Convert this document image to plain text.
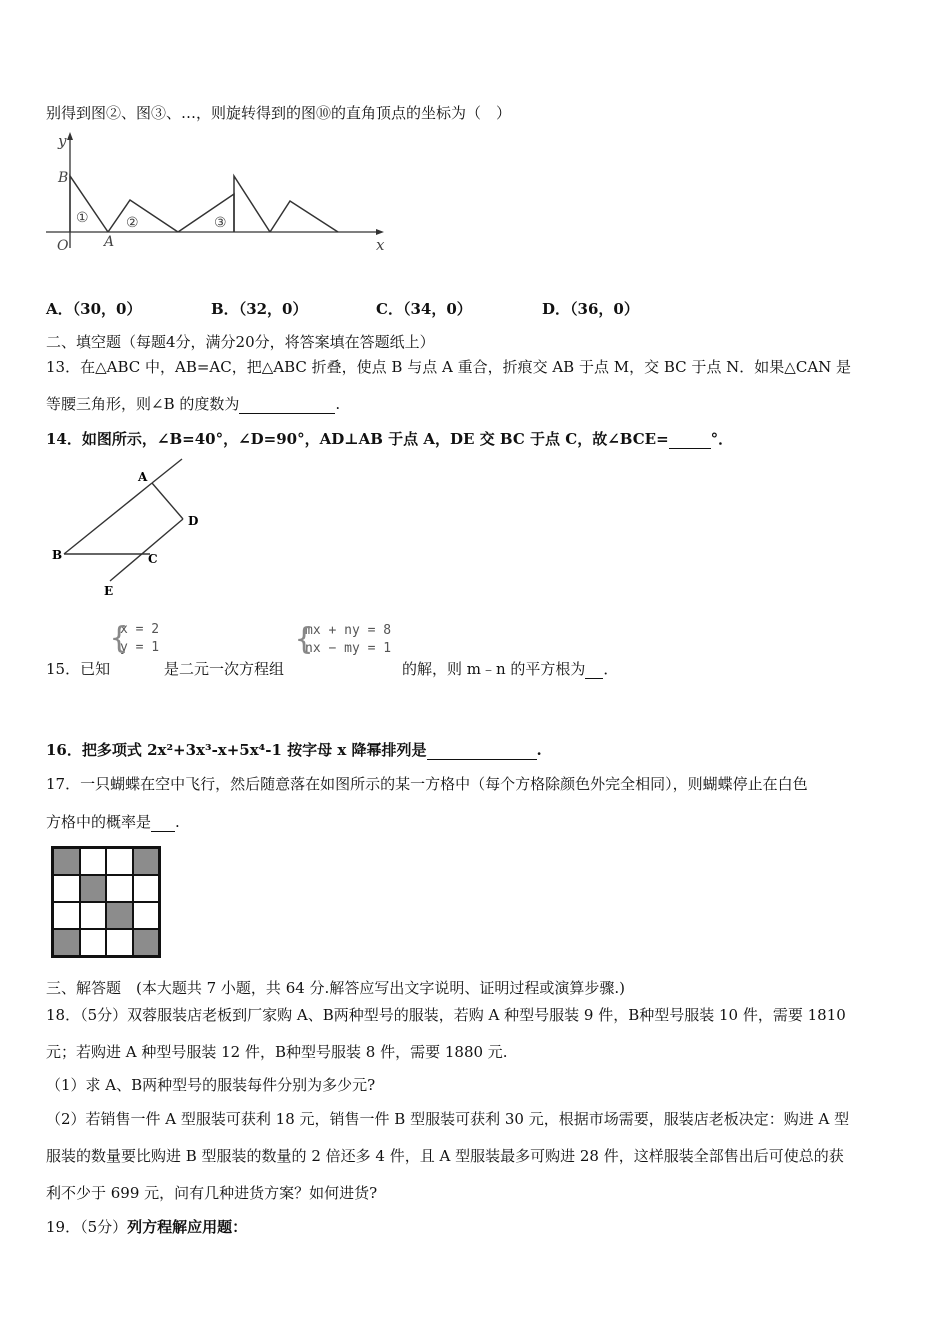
别得到图②、图③、…，则旋转得到的图⑩的直角顶点的坐标为（　）
y
x
O
B
A
①	②	③
A．（30，0）	B．（32，0）	C．（34，0）	D．（36，0）
二、填空题（每题4分，满分20分，将答案填在答题纸上）
13．在△ABC 中，AB=AC，把△ABC 折叠，使点 B 与点 A 重合，折痕交 AB 于点 M，交 BC 于点 N．如果△CAN 是
等腰三角形，则∠B 的度数为	.
14．如图所示，∠B=40°，∠D=90°，AD⊥AB 于点 A，DE 交 BC 于点 C，故∠BCE=	°．
A
B	C
D
E
15．已知
{
x = 2
y = 1
是二元一次方程组
{
mx + ny = 8
nx − my = 1
的解，则 m﹣n 的平方根为 ．
16．把多项式 2x²+3x³-x+5x⁴-1 按字母 x 降幂排列是	.
17．一只蝴蝶在空中飞行，然后随意落在如图所示的某一方格中（每个方格除颜色外完全相同），则蝴蝶停止在白色
方格中的概率是 .
三、解答题　(本大题共 7 小题，共 64 分.解答应写出文字说明、证明过程或演算步骤.)
18．（5分）双蓉服装店老板到厂家购 A、B两种型号的服装，若购 A 种型号服装 9 件，B种型号服装 10 件，需要 1810
元；若购进 A 种型号服装 12 件，B种型号服装 8 件，需要 1880 元.
（1）求 A、B两种型号的服装每件分别为多少元?
（2）若销售一件 A 型服装可获利 18 元，销售一件 B 型服装可获利 30 元，根据市场需要，服装店老板决定：购进 A 型
服装的数量要比购进 B 型服装的数量的 2 倍还多 4 件，且 A 型服装最多可购进 28 件，这样服装全部售出后可使总的获
利不少于 699 元，问有几种进货方案？如何进货?
19．（5分）列方程解应用题：
